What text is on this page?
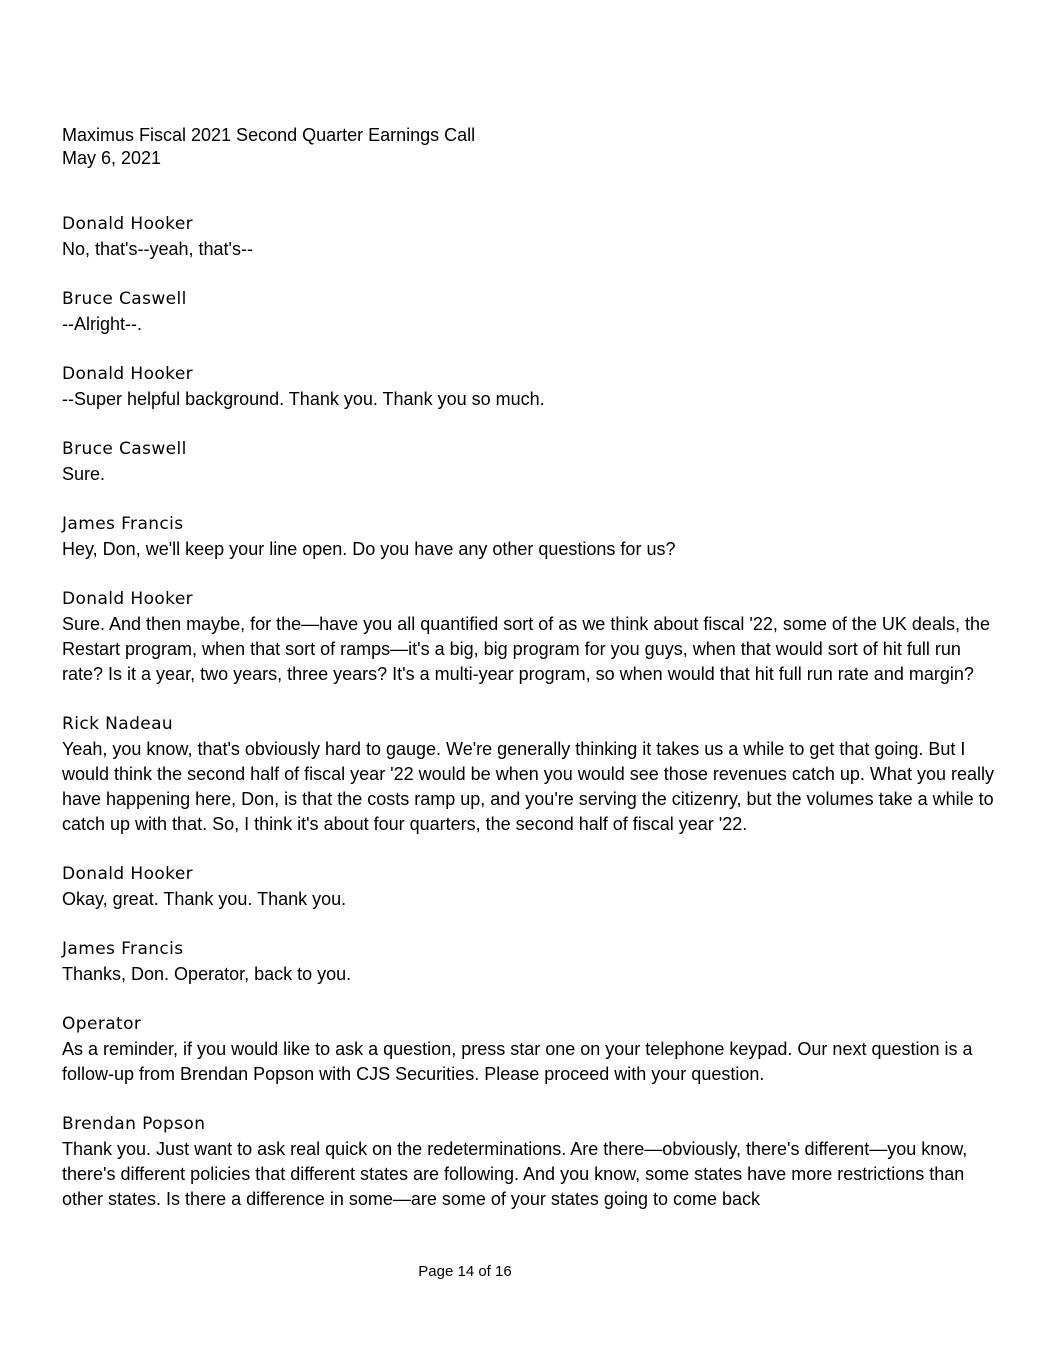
Maximus Fiscal 2021 Second Quarter Earnings Call
May 6, 2021
Donald Hooker
No, that's--yeah, that's--
Bruce Caswell
--Alright--.
Donald Hooker
--Super helpful background. Thank you. Thank you so much.
Bruce Caswell
Sure.
James Francis
Hey, Don, we'll keep your line open. Do you have any other questions for us?
Donald Hooker
Sure. And then maybe, for the—have you all quantified sort of as we think about fiscal '22, some of the UK deals, the Restart program, when that sort of ramps—it's a big, big program for you guys, when that would sort of hit full run rate? Is it a year, two years, three years? It's a multi-year program, so when would that hit full run rate and margin?
Rick Nadeau
Yeah, you know, that's obviously hard to gauge. We're generally thinking it takes us a while to get that going. But I would think the second half of fiscal year '22 would be when you would see those revenues catch up. What you really have happening here, Don, is that the costs ramp up, and you're serving the citizenry, but the volumes take a while to catch up with that. So, I think it's about four quarters, the second half of fiscal year '22.
Donald Hooker
Okay, great. Thank you. Thank you.
James Francis
Thanks, Don. Operator, back to you.
Operator
As a reminder, if you would like to ask a question, press star one on your telephone keypad. Our next question is a follow-up from Brendan Popson with CJS Securities. Please proceed with your question.
Brendan Popson
Thank you. Just want to ask real quick on the redeterminations. Are there—obviously, there's different—you know, there's different policies that different states are following. And you know, some states have more restrictions than other states. Is there a difference in some—are some of your states going to come back
Page 14 of 16
